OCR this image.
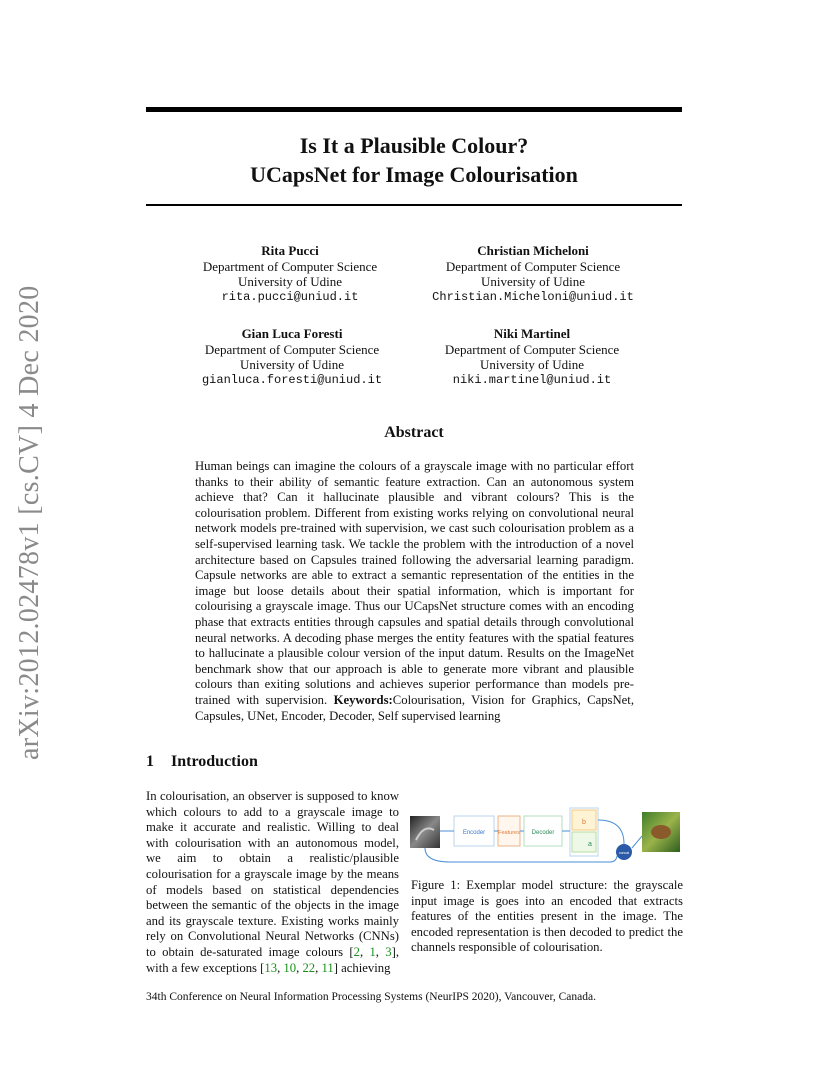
arXiv:2012.02478v1 [cs.CV] 4 Dec 2020
Is It a Plausible Colour?
UCapsNet for Image Colourisation
Rita Pucci
Department of Computer Science
University of Udine
rita.pucci@uniud.it
Christian Micheloni
Department of Computer Science
University of Udine
Christian.Micheloni@uniud.it
Gian Luca Foresti
Department of Computer Science
University of Udine
gianluca.foresti@uniud.it
Niki Martinel
Department of Computer Science
University of Udine
niki.martinel@uniud.it
Abstract
Human beings can imagine the colours of a grayscale image with no particular effort thanks to their ability of semantic feature extraction. Can an autonomous system achieve that? Can it hallucinate plausible and vibrant colours? This is the colourisation problem. Different from existing works relying on convolutional neural network models pre-trained with supervision, we cast such colourisation problem as a self-supervised learning task. We tackle the problem with the introduction of a novel architecture based on Capsules trained following the adversarial learning paradigm. Capsule networks are able to extract a semantic representation of the entities in the image but loose details about their spatial information, which is important for colourising a grayscale image. Thus our UCapsNet structure comes with an encoding phase that extracts entities through capsules and spatial details through convolutional neural networks. A decoding phase merges the entity features with the spatial features to hallucinate a plausible colour version of the input datum. Results on the ImageNet benchmark show that our approach is able to generate more vibrant and plausible colours than exiting solutions and achieves superior performance than models pre-trained with supervision. Keywords:Colourisation, Vision for Graphics, CapsNet, Capsules, UNet, Encoder, Decoder, Self supervised learning
1 Introduction
In colourisation, an observer is supposed to know which colours to add to a grayscale image to make it accurate and realistic. Willing to deal with colourisation with an autonomous model, we aim to obtain a realistic/plausible colourisation for a grayscale image by the means of models based on statistical dependencies between the semantic of the objects in the image and its grayscale texture. Existing works mainly rely on Convolutional Neural Networks (CNNs) to obtain de-saturated image colours [2, 1, 3], with a few exceptions [13, 10, 22, 11] achieving
Encoder Features Decoder
b
a
concat
Figure 1: Exemplar model structure: the grayscale input image is goes into an encoded that extracts features of the entities present in the image. The encoded representation is then decoded to predict the channels responsible of colourisation.
34th Conference on Neural Information Processing Systems (NeurIPS 2020), Vancouver, Canada.
